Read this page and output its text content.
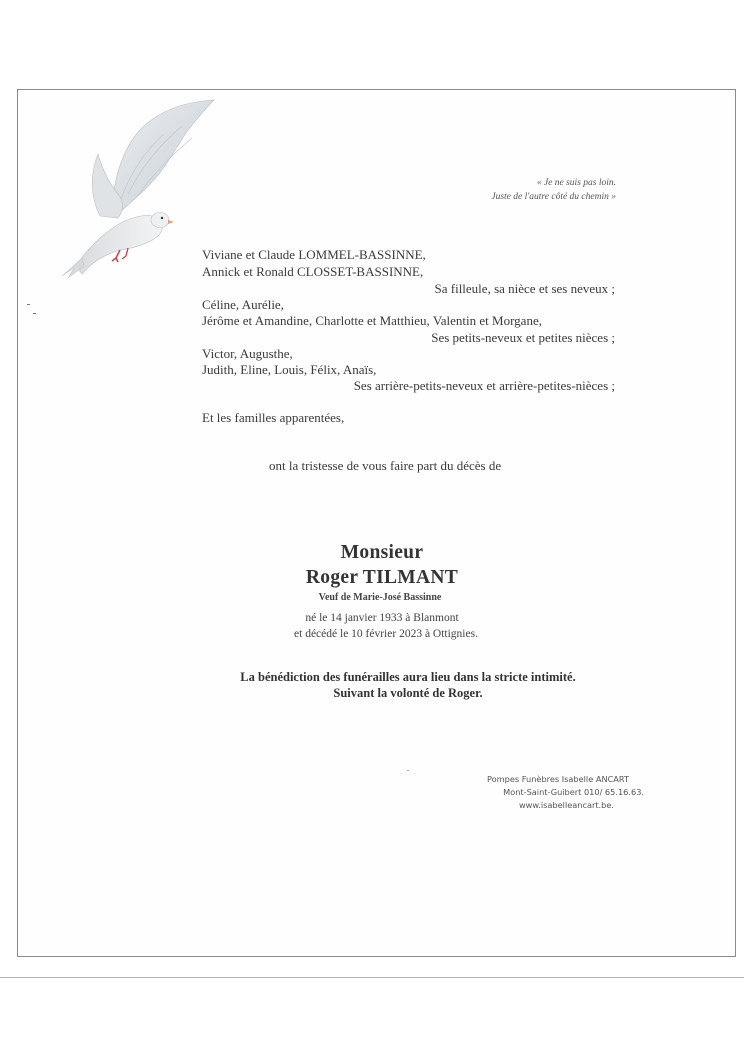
« Je ne suis pas loin.
Juste de l'autre côté du chemin »
Viviane et Claude LOMMEL-BASSINNE,
Annick et Ronald CLOSSET-BASSINNE,
Sa filleule, sa nièce et ses neveux ;
Céline, Aurélie,
Jérôme et Amandine, Charlotte et Matthieu, Valentin et Morgane,
Ses petits-neveux et petites nièces ;
Victor, Augusthe,
Judith, Eline, Louis, Félix, Anaïs,
Ses arrière-petits-neveux et arrière-petites-nièces ;
Et les familles apparentées,
ont la tristesse de vous faire part du décès de
Monsieur
Roger TILMANT
Veuf de Marie-José Bassinne
né le 14 janvier 1933 à Blanmont
et décédé le 10 février 2023 à Ottignies.
La bénédiction des funérailles aura lieu dans la stricte intimité.
Suivant la volonté de Roger.
Pompes Funèbres Isabelle ANCART
Mont-Saint-Guibert 010/ 65.16.63.
www.isabelleancart.be.
